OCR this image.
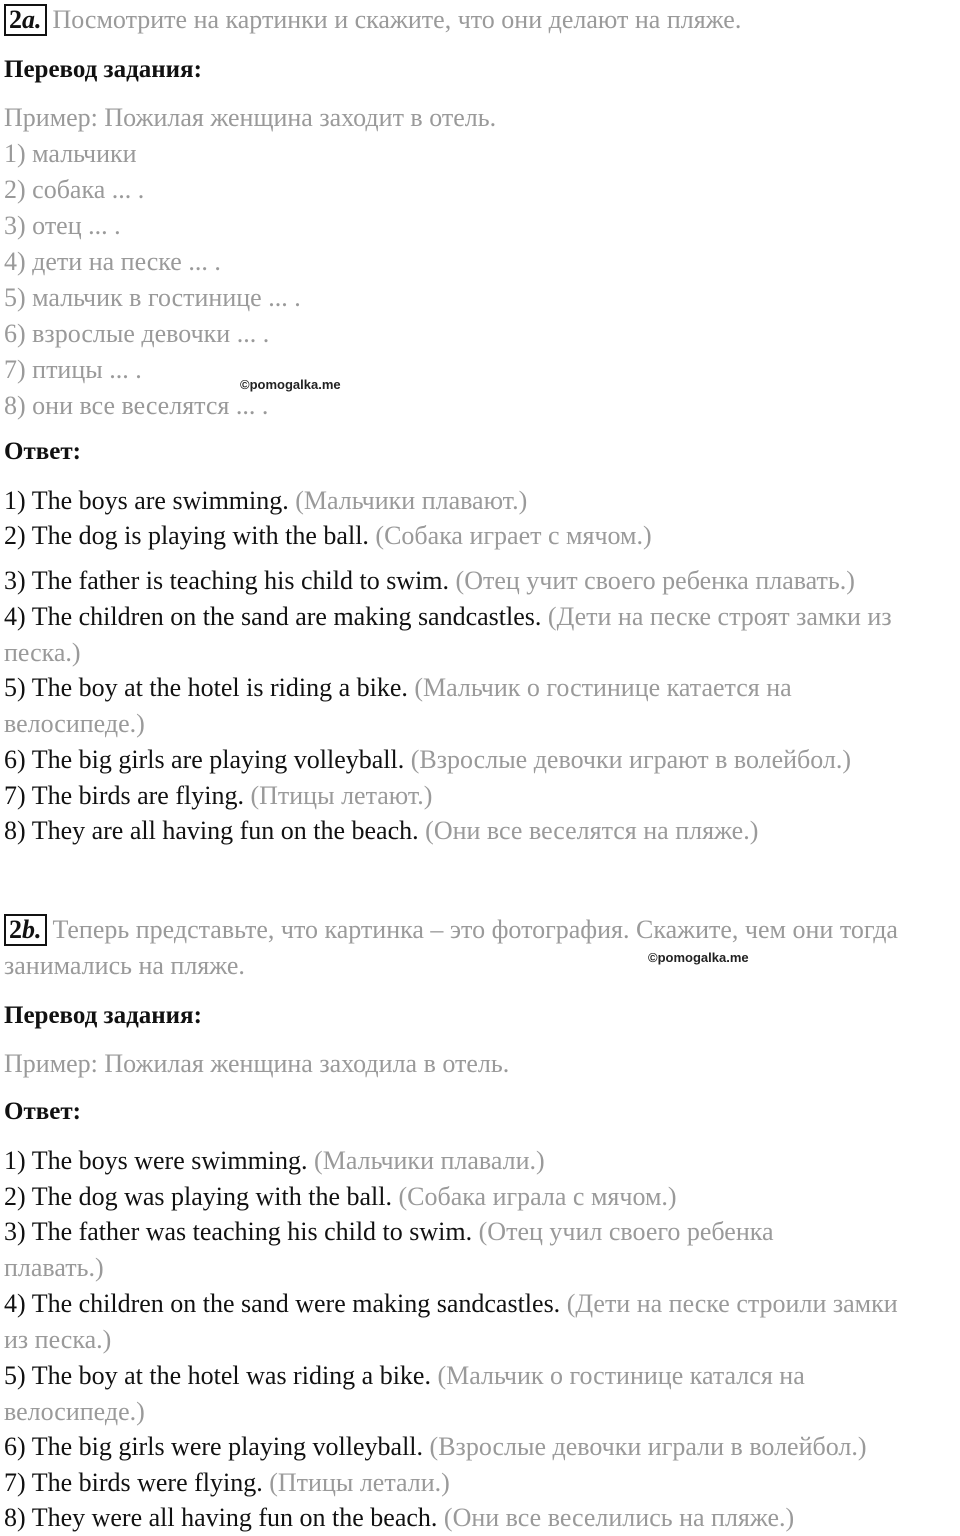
2a. Посмотрите на картинки и скажите, что они делают на пляже.
Перевод задания:
Пример: Пожилая женщина заходит в отель.
1) мальчики
2) собака ... .
3) отец ... .
4) дети на песке ... .
5) мальчик в гостинице ... .
6) взрослые девочки ... .
7) птицы ... .
8) они все веселятся ... .
©pomogalka.me
Ответ:
1) The boys are swimming. (Мальчики плавают.)
2) The dog is playing with the ball. (Собака играет с мячом.)
3) The father is teaching his child to swim. (Отец учит своего ребенка плавать.)
4) The children on the sand are making sandcastles. (Дети на песке строят замки из песка.)
5) The boy at the hotel is riding a bike. (Мальчик о гостинице катается на велосипеде.)
6) The big girls are playing volleyball. (Взрослые девочки играют в волейбол.)
7) The birds are flying. (Птицы летают.)
8) They are all having fun on the beach. (Они все веселятся на пляже.)
2b. Теперь представьте, что картинка – это фотография. Скажите, чем они тогда занимались на пляже.	©pomogalka.me
Перевод задания:
Пример: Пожилая женщина заходила в отель.
Ответ:
1) The boys were swimming. (Мальчики плавали.)
2) The dog was playing with the ball. (Собака играла с мячом.)
3) The father was teaching his child to swim. (Отец учил своего ребенка плавать.)
4) The children on the sand were making sandcastles. (Дети на песке строили замки из песка.)
5) The boy at the hotel was riding a bike. (Мальчик о гостинице катался на велосипеде.)
6) The big girls were playing volleyball. (Взрослые девочки играли в волейбол.)
7) The birds were flying. (Птицы летали.)
8) They were all having fun on the beach. (Они все веселились на пляже.)
